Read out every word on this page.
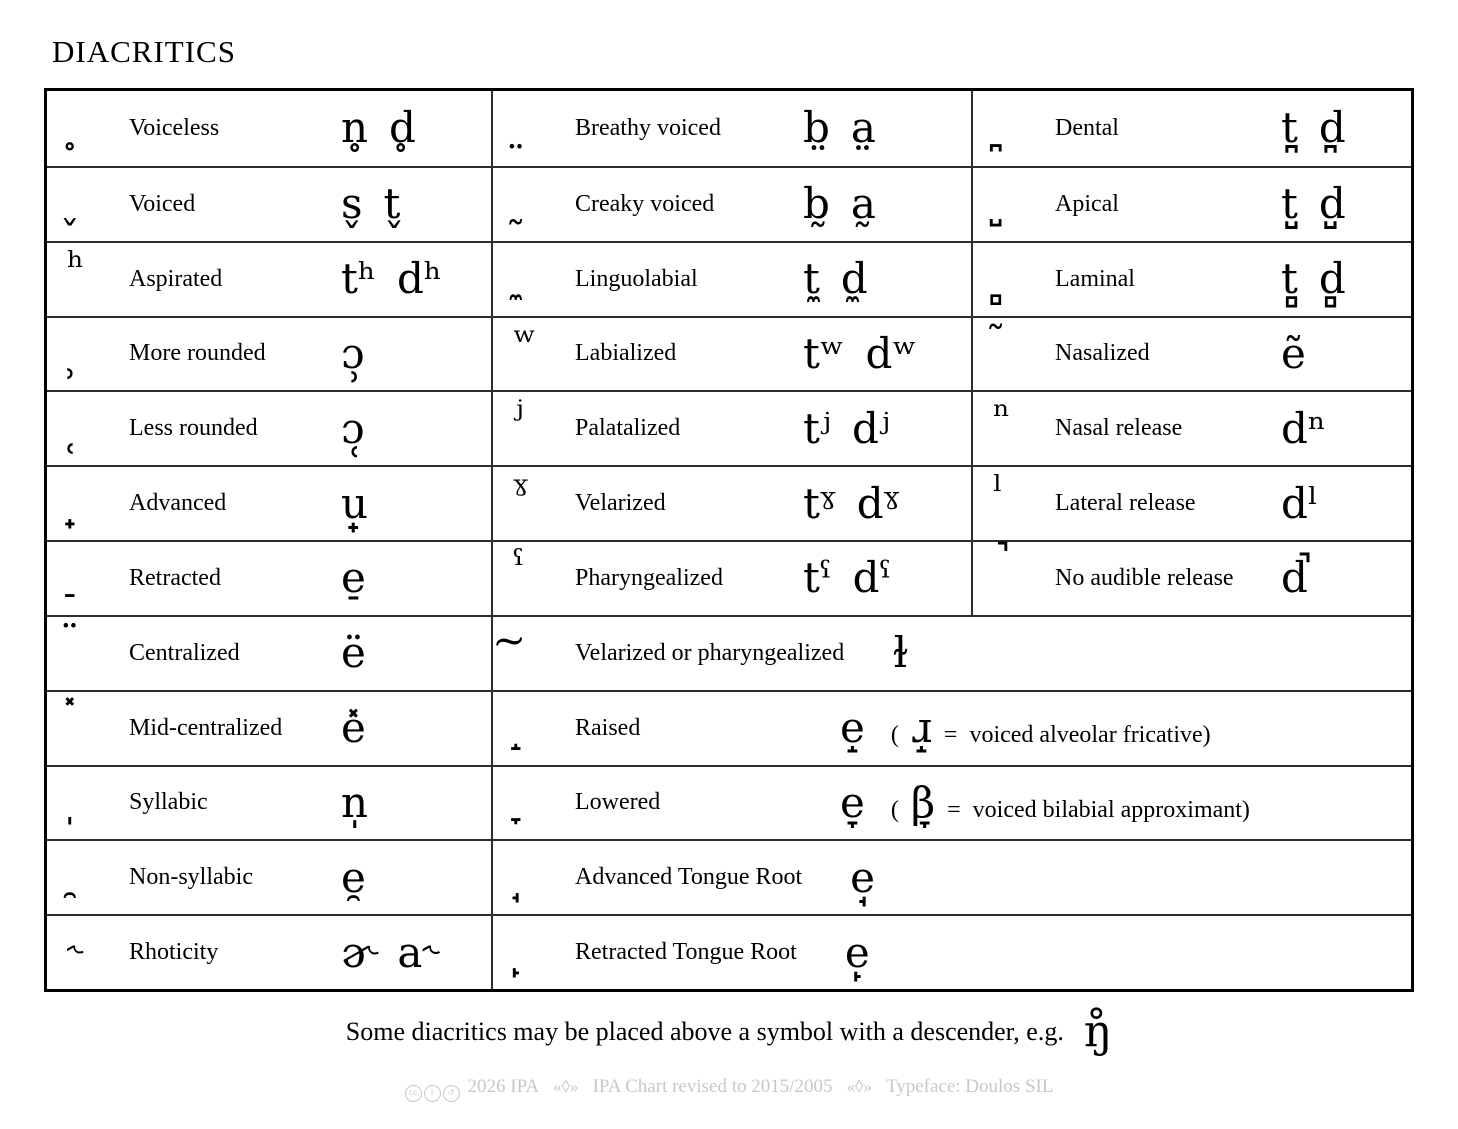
DIACRITICS
̥	Voiceless	n̥ d̥
̬	Voiced	s̬ t̬
ʰ	Aspirated	tʰ dʰ
̹	More rounded ɔ̹
̜	Less rounded ɔ̜
̟	Advanced	u̟
̠	Retracted	e̠
̈	Centralized ë
̽	Mid-centralized e̽
̩	Syllabic	n̩
̯	Non-syllabic e̯
˞	Rhoticity	ɚ a˞
̤	Breathy voiced b̤ a̤
̰	Creaky voiced b̰ a̰
̼	Linguolabial	t̼ d̼
ʷ	Labialized	tʷ dʷ
ʲ	Palatalized	tʲ dʲ
ˠ	Velarized	tˠ dˠ
ˤ	Pharyngealized tˤ dˤ
̪	Dental	t̪ d̪
̺	Apical	t̺ d̺
̻	Laminal	t̻ d̻
̃	Nasalized	ẽ
ⁿ	Nasal release dⁿ
ˡ	Lateral release dˡ
̚	No audible release d̚
̴	Velarized or pharyngealized ɫ
̝	Raised	e̝ ( ɹ̝ = voiced alveolar fricative)
̞	Lowered	e̞ ( β̞ = voiced bilabial approximant)
̘	Advanced Tongue Root e̘
̙	Retracted Tongue Root e̙
Some diacritics may be placed above a symbol with a descender, e.g. ŋ̊
cc i ↺ 2026 IPA «◊» IPA Chart revised to 2015/2005 «◊» Typeface: Doulos SIL
